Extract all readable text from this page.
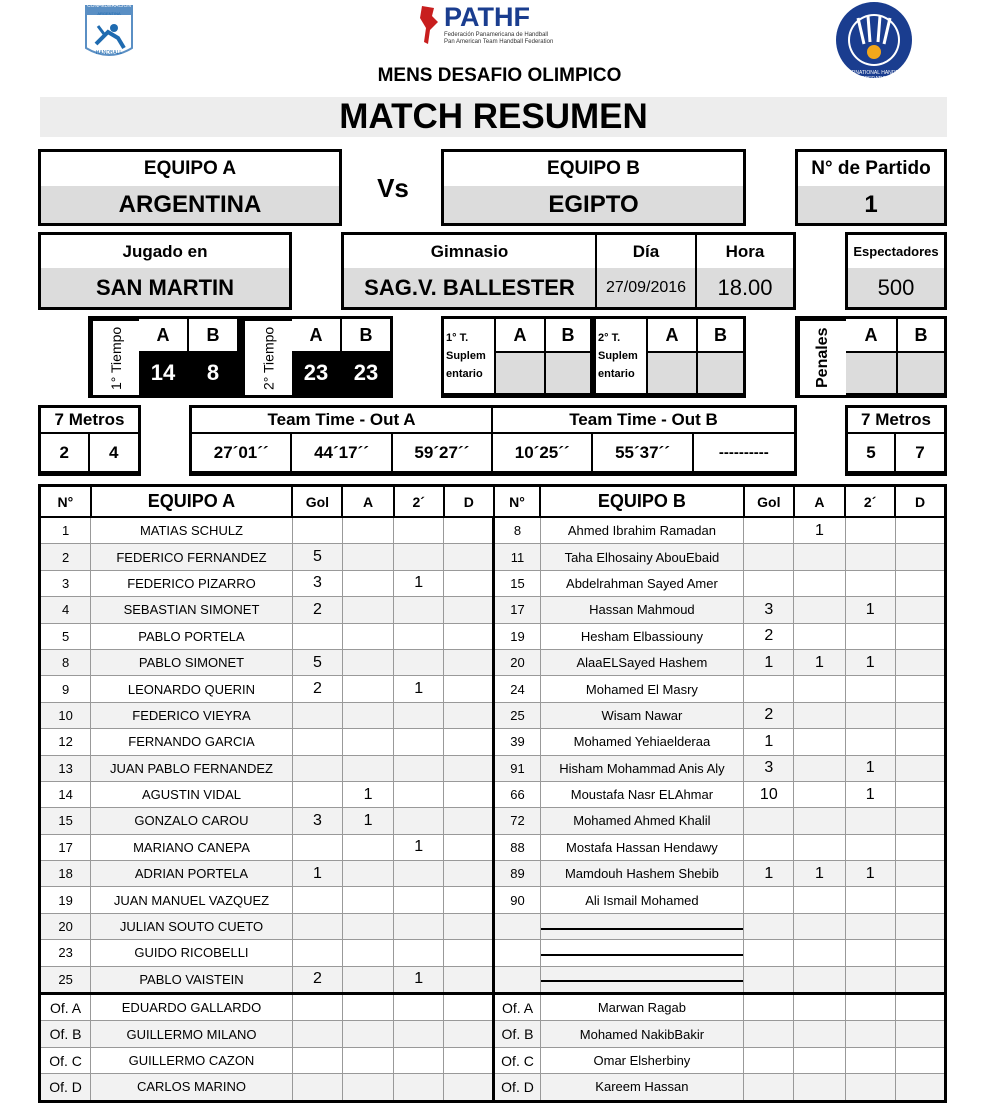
CONFEDERACION
ARGENTINA
HANDBALL
PATHF
Federación Panamericana de Handball
Pan American Team Handball Federation
INTERNATIONAL HANDBALL FEDERATION
MENS DESAFIO OLIMPICO
MATCH RESUMEN
EQUIPO A
ARGENTINA
Vs
EQUIPO B
EGIPTO
N° de Partido
1
Jugado en
SAN MARTIN
Gimnasio
SAG.V. BALLESTER
Día
27/09/2016
Hora
18.00
Espectadores
500
1° Tiempo	A	B
14	8	2° Tiempo	A	B
23	23
1° T. Suplem entario
A	B	2° T. Suplem entario
A	B	Penales	A	B
7 Metros
2	4
Team Time - Out A	Team Time - Out B
27´01´´	44´17´´	59´27´´	10´25´´	55´37´´	----------
7 Metros
5	7
N°	EQUIPO A	Gol	A	2´	D	N°	EQUIPO B	Gol	A	2´	D
1	MATIAS SCHULZ					8	Ahmed Ibrahim Ramadan		1		
2	FEDERICO FERNANDEZ	5				11	Taha Elhosainy AbouEbaid				
3	FEDERICO PIZARRO	3		1		15	Abdelrahman Sayed Amer				
4	SEBASTIAN SIMONET	2				17	Hassan Mahmoud	3		1	
5	PABLO PORTELA					19	Hesham Elbassiouny	2			
8	PABLO SIMONET	5				20	AlaaELSayed Hashem	1	1	1	
9	LEONARDO QUERIN	2		1		24	Mohamed El Masry				
10	FEDERICO VIEYRA					25	Wisam Nawar	2			
12	FERNANDO GARCIA					39	Mohamed Yehiaelderaa	1			
13	JUAN PABLO FERNANDEZ					91	Hisham Mohammad Anis Aly	3		1	
14	AGUSTIN VIDAL		1			66	Moustafa Nasr ELAhmar	10		1	
15	GONZALO CAROU	3	1			72	Mohamed Ahmed Khalil				
17	MARIANO CANEPA			1		88	Mostafa Hassan Hendawy				
18	ADRIAN PORTELA	1				89	Mamdouh Hashem Shebib	1	1	1	
19	JUAN MANUEL VAZQUEZ					90	Ali Ismail Mohamed				
20	JULIAN SOUTO CUETO						

23	GUIDO RICOBELLI						

25	PABLO VAISTEIN	2		1			

Of. A	EDUARDO GALLARDO					Of. A	Marwan Ragab				
Of. B	GUILLERMO MILANO					Of. B	Mohamed NakibBakir				
Of. C	GUILLERMO CAZON					Of. C	Omar Elsherbiny				
Of. D	CARLOS MARINO					Of. D	Kareem Hassan				
